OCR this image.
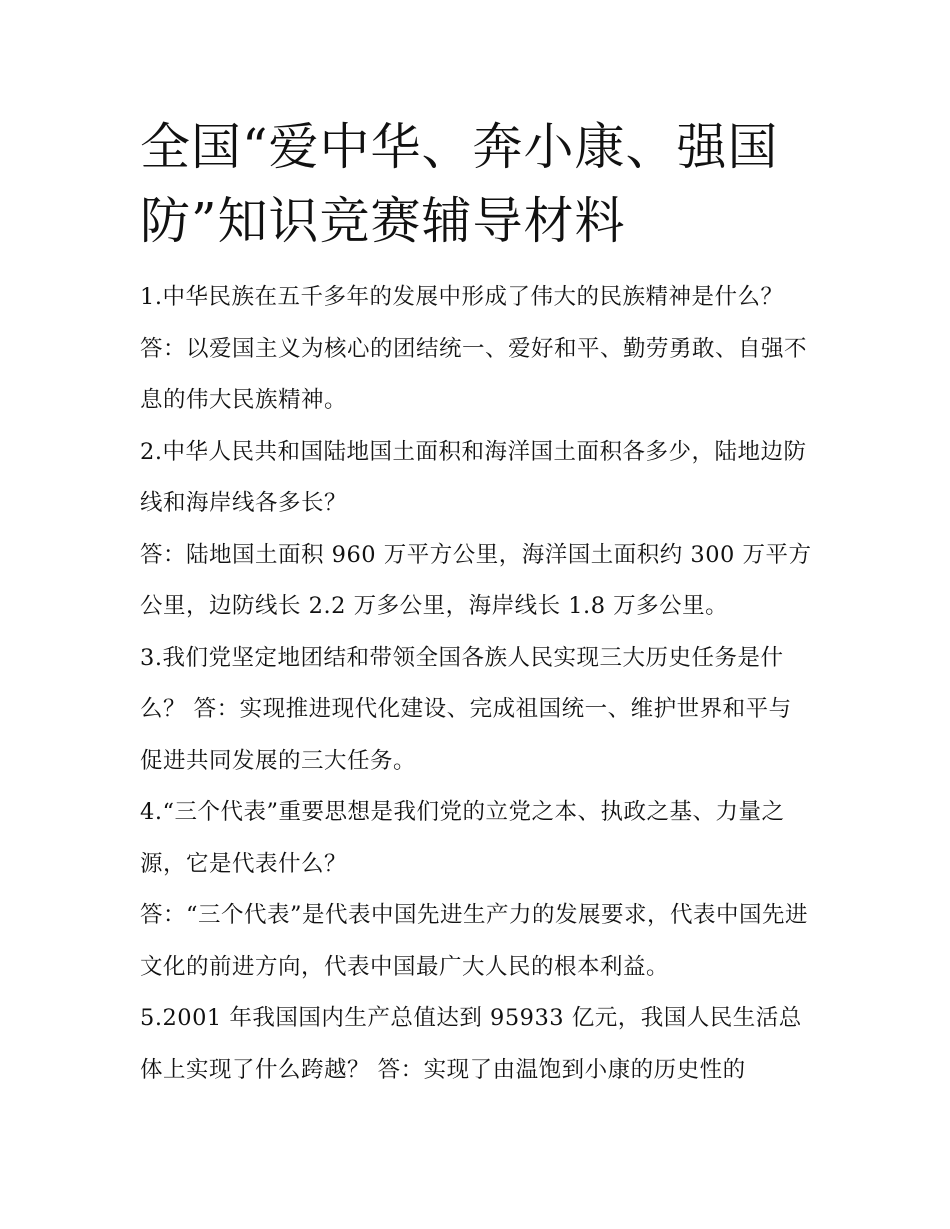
全国“爱中华、奔小康、强国防”知识竞赛辅导材料

1.中华民族在五千多年的发展中形成了伟大的民族精神是什么？ 答：以爱国主义为核心的团结统一、爱好和平、勤劳勇敢、自强不息的伟大民族精神。

2.中华人民共和国陆地国土面积和海洋国土面积各多少，陆地边防线和海岸线各多长？

答：陆地国土面积 960 万平方公里，海洋国土面积约 300 万平方公里，边防线长 2.2 万多公里，海岸线长 1.8 万多公里。

3.我们党坚定地团结和带领全国各族人民实现三大历史任务是什么？ 答：实现推进现代化建设、完成祖国统一、维护世界和平与促进共同发展的三大任务。

4.“三个代表”重要思想是我们党的立党之本、执政之基、力量之源，它是代表什么？

答：“三个代表”是代表中国先进生产力的发展要求，代表中国先进文化的前进方向，代表中国最广大人民的根本利益。

5.2001 年我国国内生产总值达到 95933 亿元，我国人民生活总体上实现了什么跨越？ 答：实现了由温饱到小康的历史性的
